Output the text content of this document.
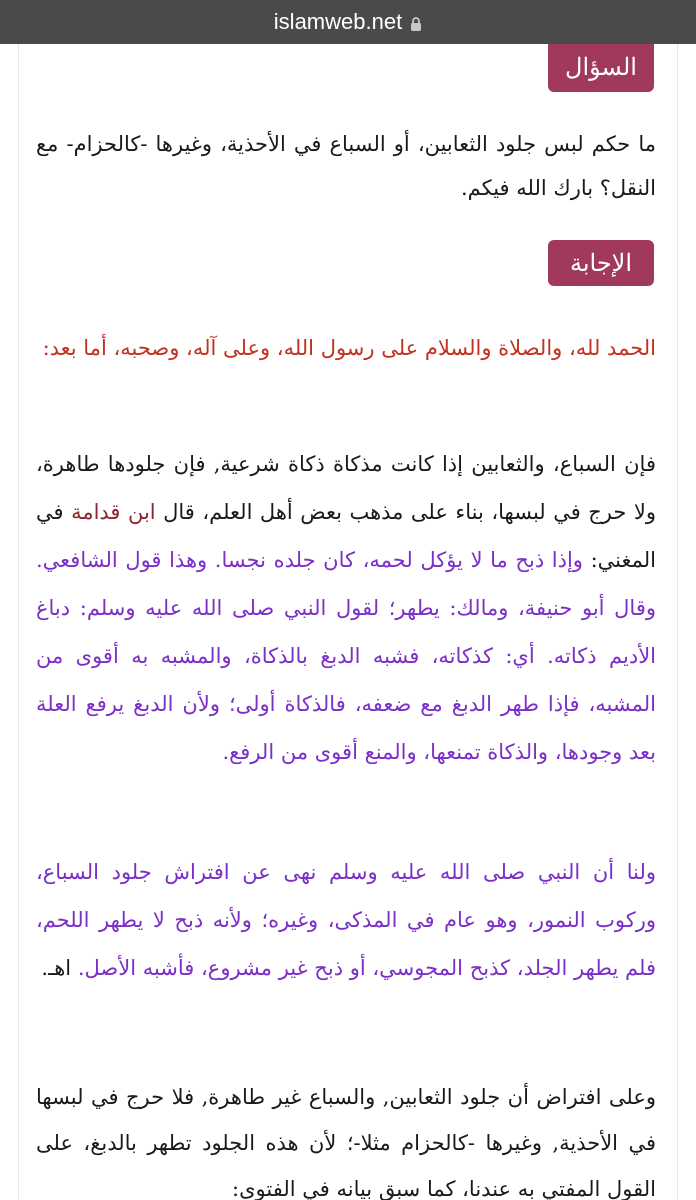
islamweb.net
السؤال
ما حكم لبس جلود الثعابين، أو السباع في الأحذية، وغيرها -كالحزام- مع النقل؟ بارك الله فيكم.
الإجابة
الحمد لله، والصلاة والسلام على رسول الله، وعلى آله، وصحبه، أما بعد:
فإن السباع، والثعابين إذا كانت مذكاة ذكاة شرعية, فإن جلودها طاهرة، ولا حرج في لبسها، بناء على مذهب بعض أهل العلم، قال ابن قدامة في المغني: وإذا ذبح ما لا يؤكل لحمه، كان جلده نجسا. وهذا قول الشافعي. وقال أبو حنيفة، ومالك: يطهر؛ لقول النبي صلى الله عليه وسلم: دباغ الأديم ذكاته. أي: كذكاته، فشبه الدبغ بالذكاة، والمشبه به أقوى من المشبه، فإذا طهر الدبغ مع ضعفه، فالذكاة أولى؛ ولأن الدبغ يرفع العلة بعد وجودها، والذكاة تمنعها، والمنع أقوى من الرفع.
ولنا أن النبي صلى الله عليه وسلم نهى عن افتراش جلود السباع، وركوب النمور، وهو عام في المذكى، وغيره؛ ولأنه ذبح لا يطهر اللحم، فلم يطهر الجلد، كذبح المجوسي، أو ذبح غير مشروع، فأشبه الأصل. اهـ.
وعلى افتراض أن جلود الثعابين, والسباع غير طاهرة, فلا حرج في لبسها في الأحذية, وغيرها -كالحزام مثلا-؛ لأن هذه الجلود تطهر بالدبغ، على القول المفتي به عندنا، كما سبق بيانه في الفتوى:
